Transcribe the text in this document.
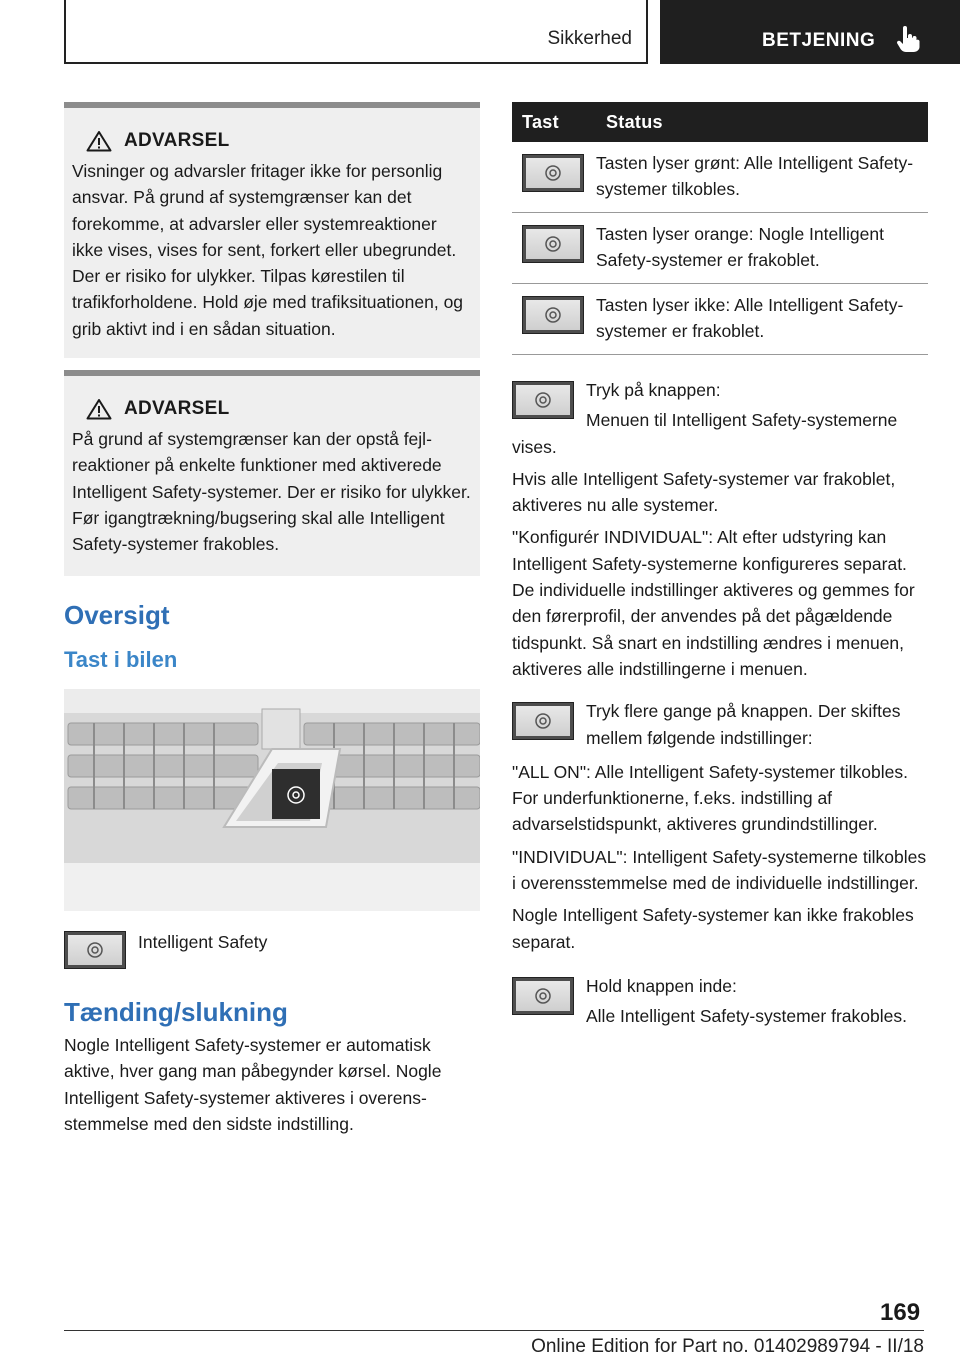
Sikkerhed	BETJENING
ADVARSEL

Visninger og advarsler fritager ikke for personlig ansvar. På grund af systemgrænser kan det forekomme, at advarsler eller systemreaktioner ikke vises, vises for sent, forkert eller ubegrundet. Der er risiko for ulykker. Tilpas kørestilen til trafikforholdene. Hold øje med trafiksituationen, og grib aktivt ind i en sådan situation.

ADVARSEL

På grund af systemgrænser kan der opstå fejlreaktioner på enkelte funktioner med aktiverede Intelligent Safety-systemer. Der er risiko for ulykker. Før igangtrækning/bugsering skal alle Intelligent Safety-systemer frakobles.

Oversigt
Tast i bilen
Intelligent Safety
Tænding/slukning

Nogle Intelligent Safety-systemer er automatisk aktive, hver gang man påbegynder kørsel. Nogle Intelligent Safety-systemer aktiveres i overensstemmelse med den sidste indstilling.

Tast	Status

	Tasten lyser grønt: Alle Intelligent Safety-systemer tilkobles.

	Tasten lyser orange: Nogle Intelligent Safety-systemer er frakoblet.

	Tasten lyser ikke: Alle Intelligent Safety-systemer er frakoblet.

Tryk på knappen:

Menuen til Intelligent Safety-systemerne vises.

Hvis alle Intelligent Safety-systemer var frakoblet, aktiveres nu alle systemer.

"Konfigurér INDIVIDUAL": Alt efter udstyring kan Intelligent Safety-systemerne konfigureres separat. De individuelle indstillinger aktiveres og gemmes for den førerprofil, der anvendes på det pågældende tidspunkt. Så snart en indstilling ændres i menuen, aktiveres alle indstillingerne i menuen.

Tryk flere gange på knappen. Der skiftes mellem følgende indstillinger:

"ALL ON": Alle Intelligent Safety-systemer tilkobles. For underfunktionerne, f.eks. indstilling af advarselstidspunkt, aktiveres grundindstillinger.

"INDIVIDUAL": Intelligent Safety-systemerne tilkobles i overensstemmelse med de individuelle indstillinger.

Nogle Intelligent Safety-systemer kan ikke frakobles separat.

Hold knappen inde:

Alle Intelligent Safety-systemer frakobles.

169
Online Edition for Part no. 01402989794 - II/18
